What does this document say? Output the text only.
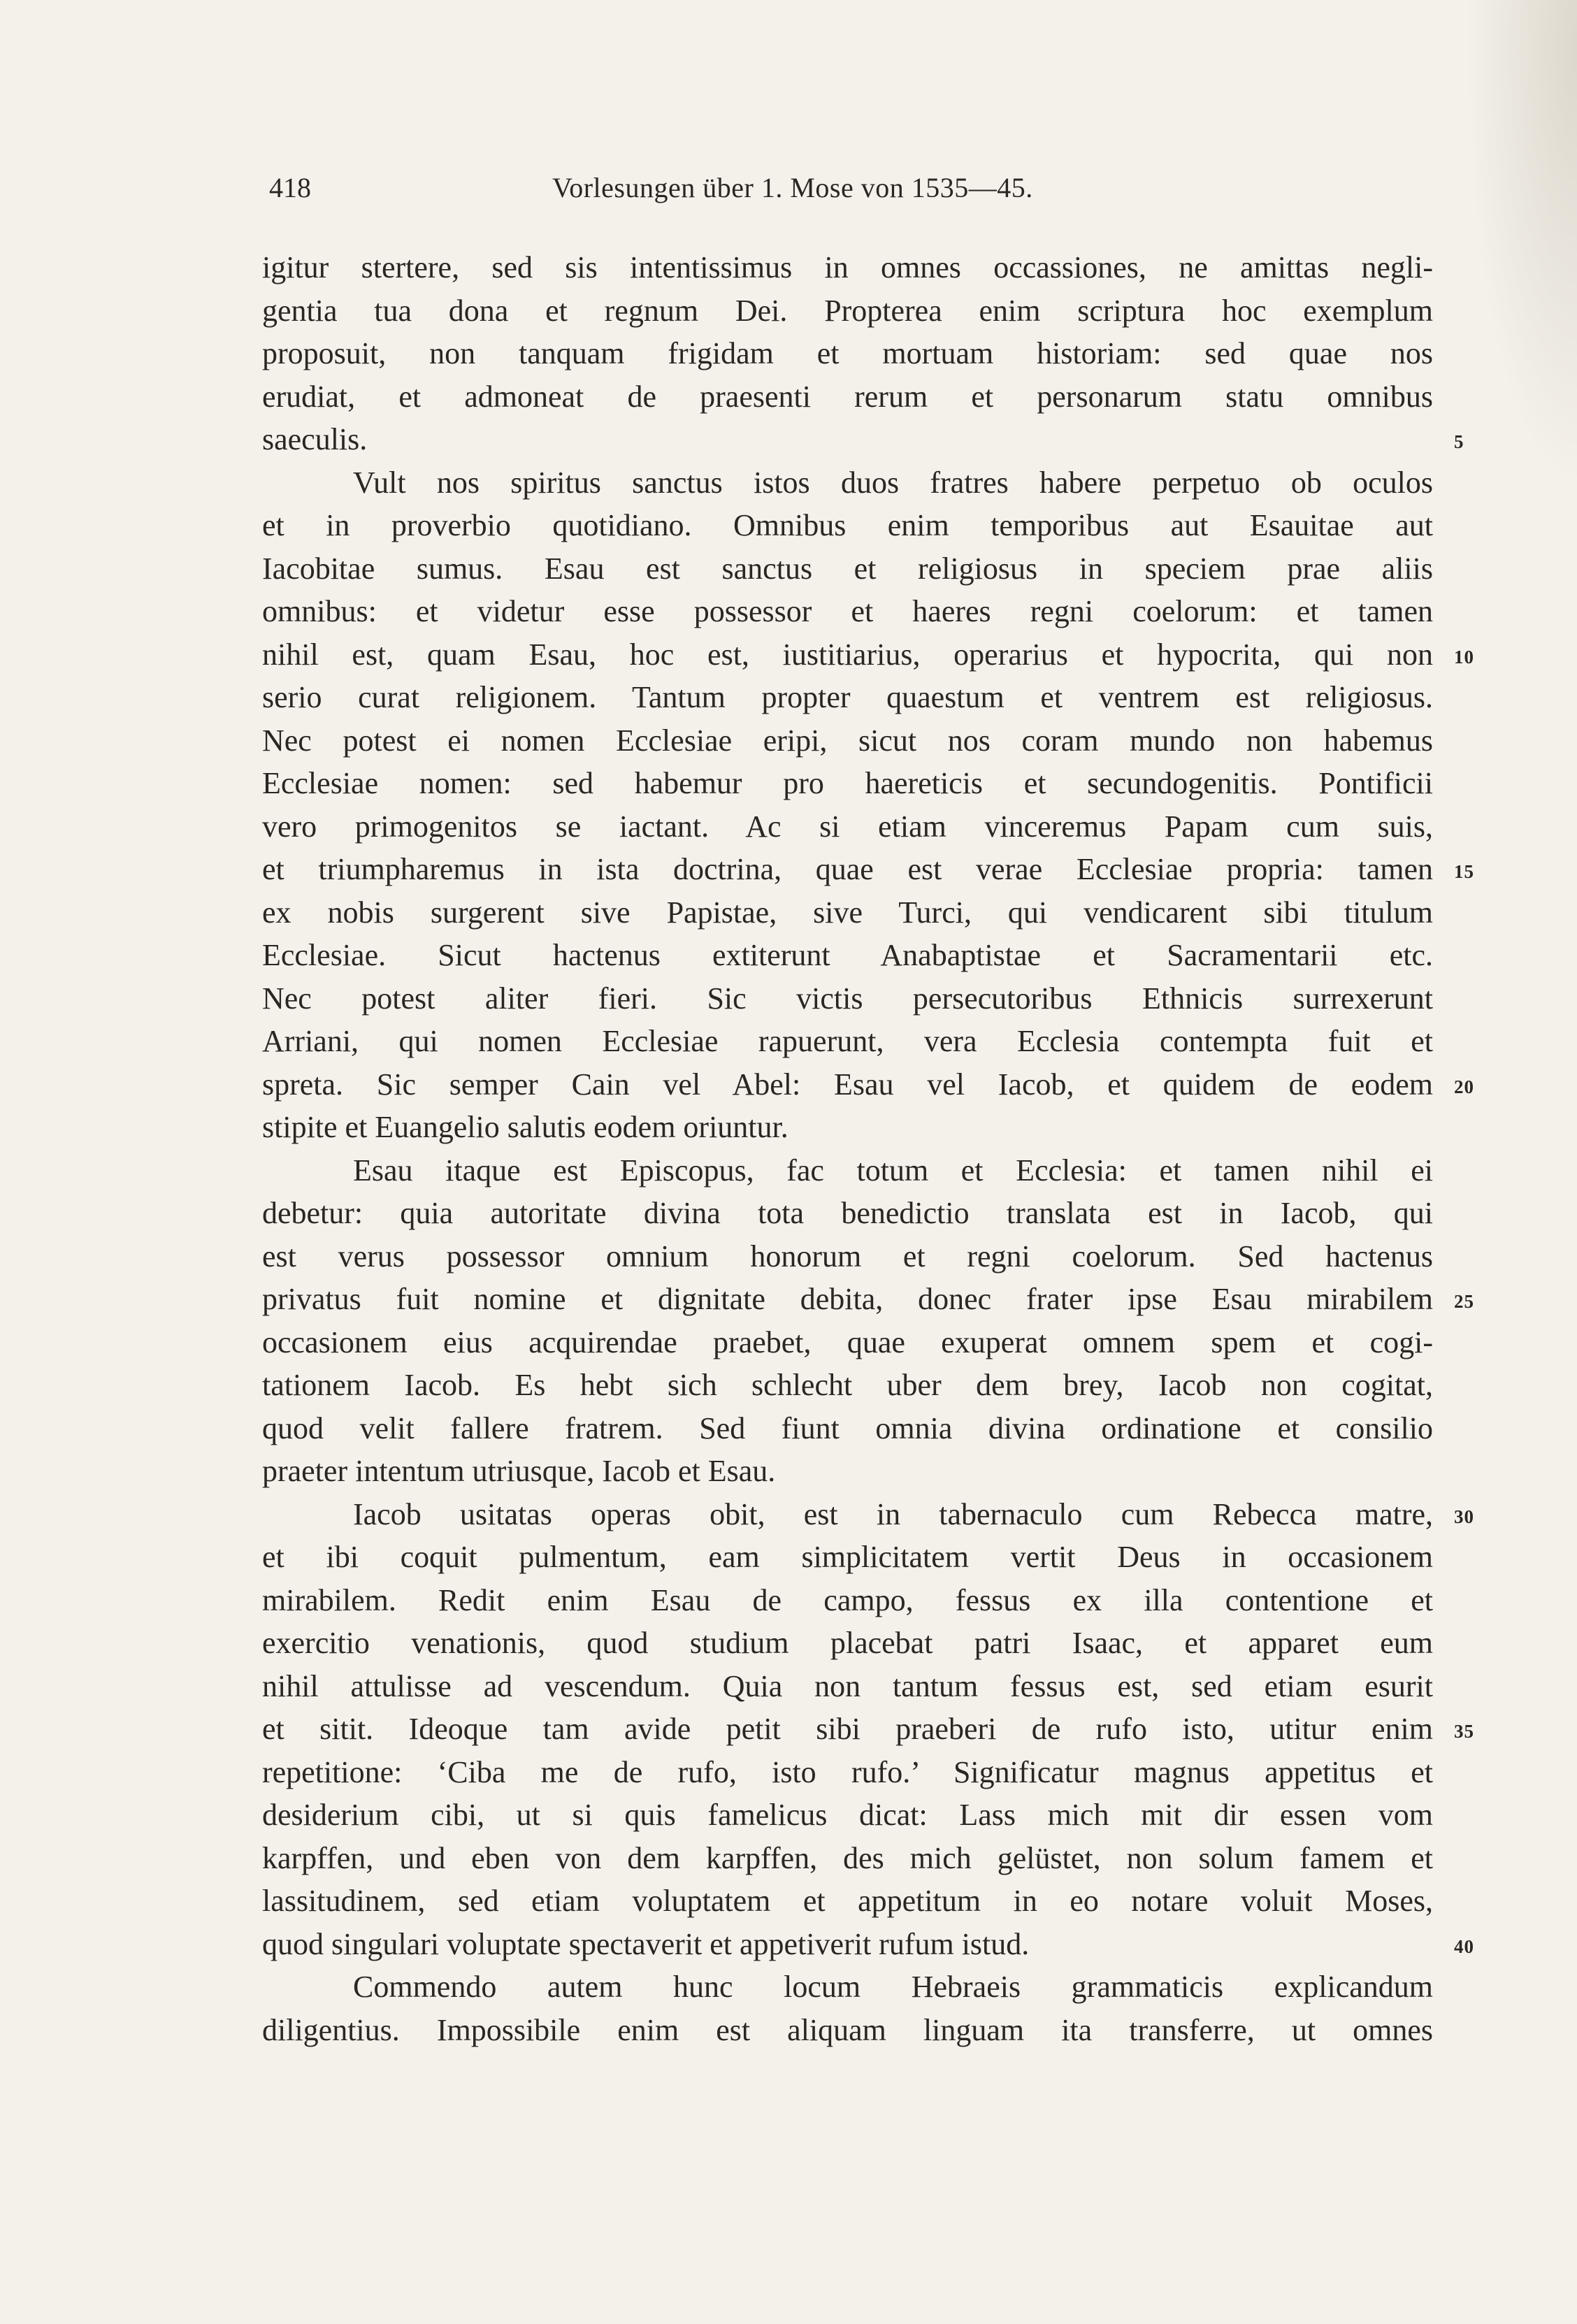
418	Vorlesungen über 1. Mose von 1535—45.
igitur stertere, sed sis intentissimus in omnes occassiones, ne amittas negli-
gentia tua dona et regnum Dei. Propterea enim scriptura hoc exemplum
proposuit, non tanquam frigidam et mortuam historiam: sed quae nos
erudiat, et admoneat de praesenti rerum et personarum statu omnibus
saeculis.	5
Vult nos spiritus sanctus istos duos fratres habere perpetuo ob oculos
et in proverbio quotidiano. Omnibus enim temporibus aut Esauitae aut
Iacobitae sumus. Esau est sanctus et religiosus in speciem prae aliis
omnibus: et videtur esse possessor et haeres regni coelorum: et tamen
nihil est, quam Esau, hoc est, iustitiarius, operarius et hypocrita, qui non 10
serio curat religionem. Tantum propter quaestum et ventrem est religiosus.
Nec potest ei nomen Ecclesiae eripi, sicut nos coram mundo non habemus
Ecclesiae nomen: sed habemur pro haereticis et secundogenitis. Pontificii
vero primogenitos se iactant. Ac si etiam vinceremus Papam cum suis,
et triumpharemus in ista doctrina, quae est verae Ecclesiae propria: tamen 15
ex nobis surgerent sive Papistae, sive Turci, qui vendicarent sibi titulum
Ecclesiae. Sicut hactenus extiterunt Anabaptistae et Sacramentarii etc.
Nec potest aliter fieri. Sic victis persecutoribus Ethnicis surrexerunt
Arriani, qui nomen Ecclesiae rapuerunt, vera Ecclesia contempta fuit et
spreta. Sic semper Cain vel Abel: Esau vel Iacob, et quidem de eodem 20
stipite et Euangelio salutis eodem oriuntur.
Esau itaque est Episcopus, fac totum et Ecclesia: et tamen nihil ei
debetur: quia autoritate divina tota benedictio translata est in Iacob, qui
est verus possessor omnium honorum et regni coelorum. Sed hactenus
privatus fuit nomine et dignitate debita, donec frater ipse Esau mirabilem 25
occasionem eius acquirendae praebet, quae exuperat omnem spem et cogi-
tationem Iacob. Es hebt sich schlecht uber dem brey, Iacob non cogitat,
quod velit fallere fratrem. Sed fiunt omnia divina ordinatione et consilio
praeter intentum utriusque, Iacob et Esau.
Iacob usitatas operas obit, est in tabernaculo cum Rebecca matre, 30
et ibi coquit pulmentum, eam simplicitatem vertit Deus in occasionem
mirabilem. Redit enim Esau de campo, fessus ex illa contentione et
exercitio venationis, quod studium placebat patri Isaac, et apparet eum
nihil attulisse ad vescendum. Quia non tantum fessus est, sed etiam esurit
et sitit. Ideoque tam avide petit sibi praeberi de rufo isto, utitur enim 35
repetitione: ‘Ciba me de rufo, isto rufo.’ Significatur magnus appetitus et
desiderium cibi, ut si quis famelicus dicat: Lass mich mit dir essen vom
karpffen, und eben von dem karpffen, des mich gelüstet, non solum famem et
lassitudinem, sed etiam voluptatem et appetitum in eo notare voluit Moses,
quod singulari voluptate spectaverit et appetiverit rufum istud.	40
Commendo autem hunc locum Hebraeis grammaticis explicandum
diligentius. Impossibile enim est aliquam linguam ita transferre, ut omnes
